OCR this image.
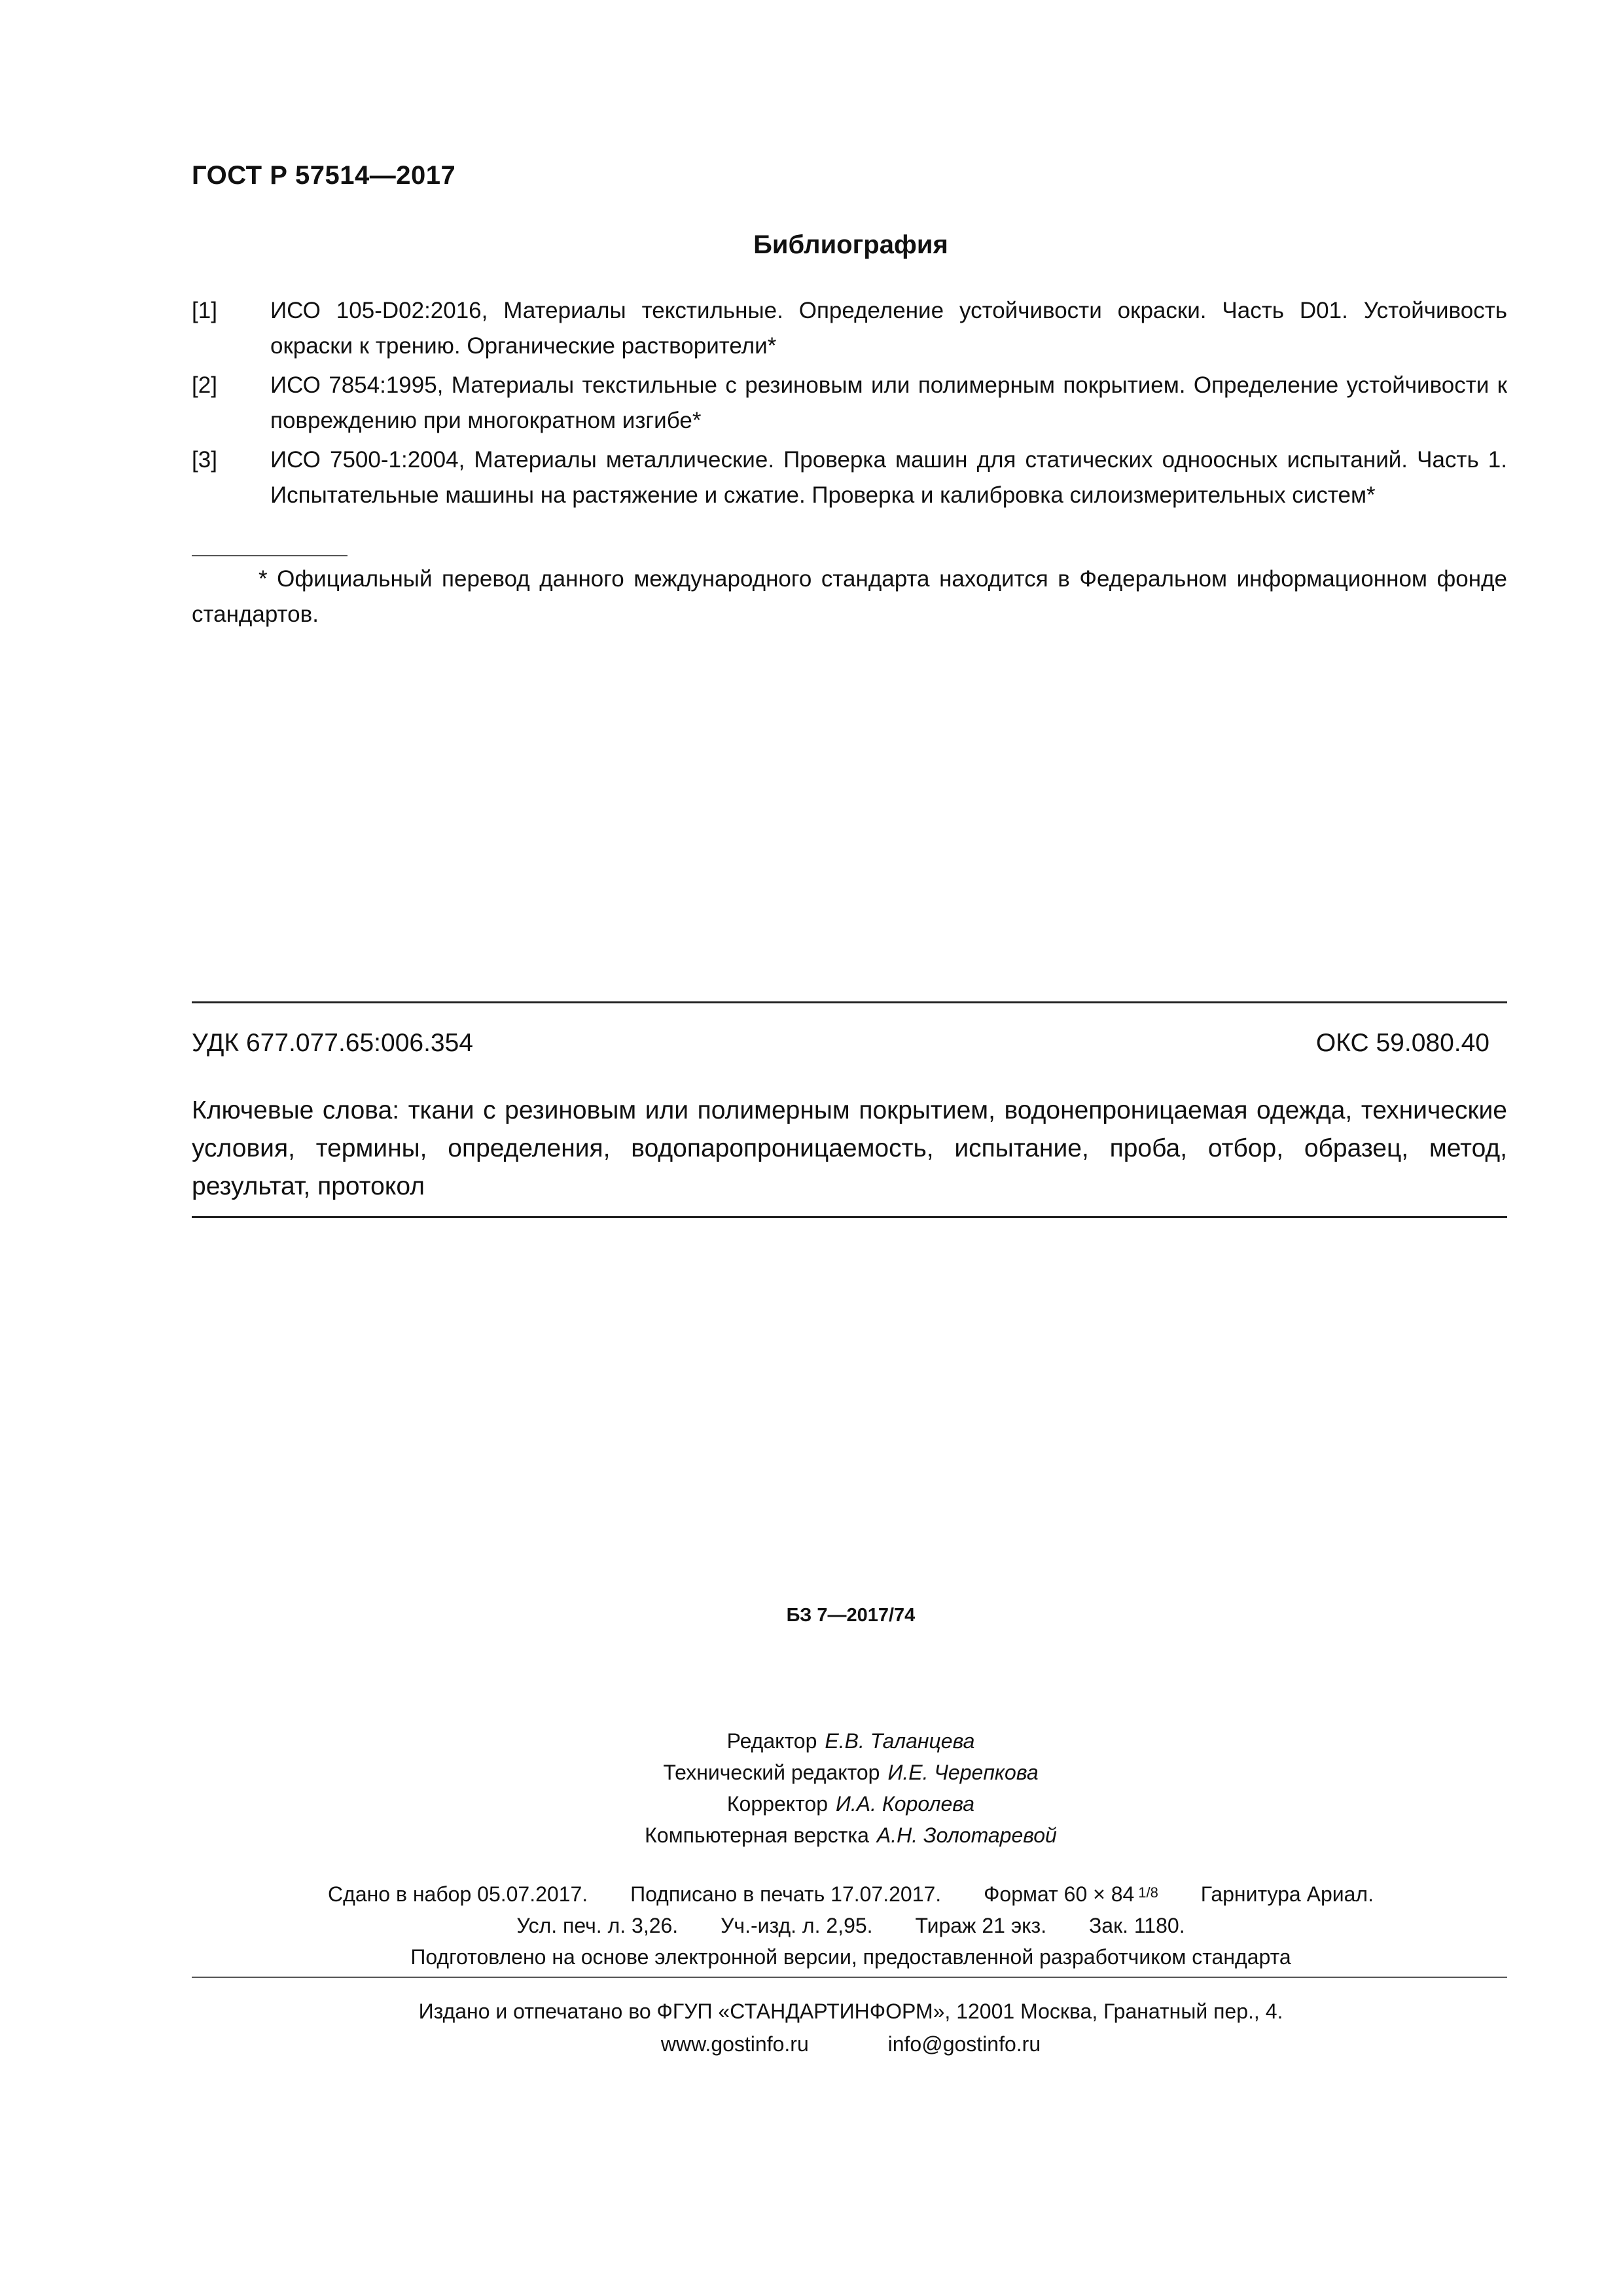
ГОСТ Р 57514—2017
Библиография
[1] ИСО 105-D02:2016, Материалы текстильные. Определение устойчивости окраски. Часть D01. Устойчивость окраски к трению. Органические растворители*
[2] ИСО 7854:1995, Материалы текстильные с резиновым или полимерным покрытием. Определение устойчивости к повреждению при многократном изгибе*
[3] ИСО 7500-1:2004, Материалы металлические. Проверка машин для статических одноосных испытаний. Часть 1. Испытательные машины на растяжение и сжатие. Проверка и калибровка силоизмерительных систем*
* Официальный перевод данного международного стандарта находится в Федеральном информационном фонде стандартов.
УДК 677.077.65:006.354	ОКС 59.080.40
Ключевые слова: ткани с резиновым или полимерным покрытием, водонепроницаемая одежда, технические условия, термины, определения, водопаропроницаемость, испытание, проба, отбор, образец, метод, результат, протокол
БЗ 7—2017/74
Редактор Е.В. Таланцева
Технический редактор И.Е. Черепкова
Корректор И.А. Королева
Компьютерная верстка А.Н. Золотаревой
Сдано в набор 05.07.2017. Подписано в печать 17.07.2017. Формат 60 × 84 1/8 Гарнитура Ариал.
Усл. печ. л. 3,26. Уч.-изд. л. 2,95. Тираж 21 экз. Зак. 1180.
Подготовлено на основе электронной версии, предоставленной разработчиком стандарта
Издано и отпечатано во ФГУП «СТАНДАРТИНФОРМ», 12001 Москва, Гранатный пер., 4.
www.gostinfo.ru	info@gostinfo.ru
